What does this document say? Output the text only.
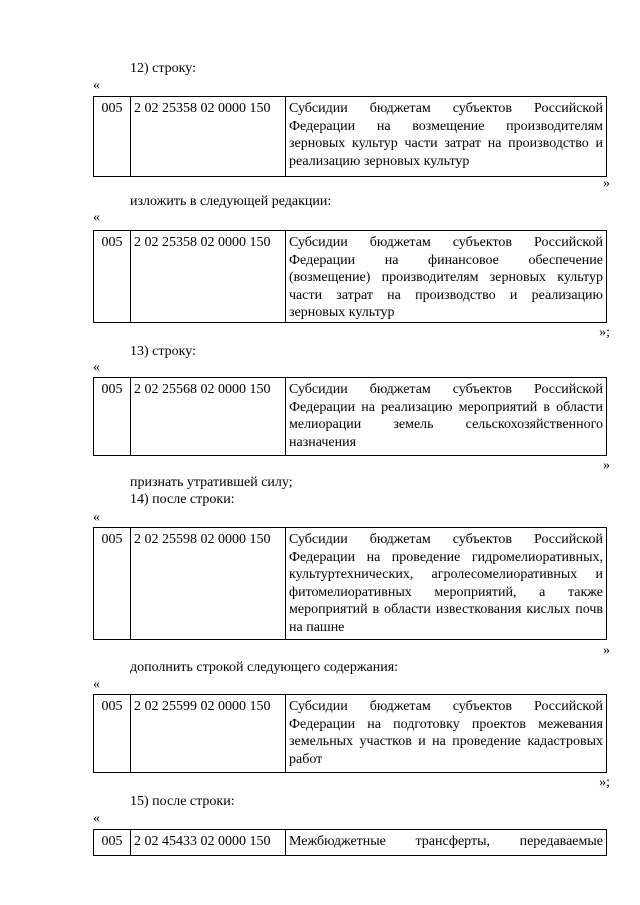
12) строку:
«
005	2 02 25358 02 0000 150	Субсидии бюджетам субъектов Российской Федерации на возмещение производителям зерновых культур части затрат на производство и реализацию зерновых культур
»
изложить в следующей редакции:
«
005	2 02 25358 02 0000 150	Субсидии бюджетам субъектов Российской Федерации на финансовое обеспечение (возмещение) производителям зерновых культур части затрат на производство и реализацию зерновых культур
»;
13) строку:
«
005	2 02 25568 02 0000 150	Субсидии бюджетам субъектов Российской Федерации на реализацию мероприятий в области мелиорации земель сельскохозяйственного назначения
»
признать утратившей силу;
14) после строки:
«
005	2 02 25598 02 0000 150	Субсидии бюджетам субъектов Российской Федерации на проведение гидромелиоративных, культуртехнических, агролесомелиоративных и фитомелиоративных мероприятий, а также мероприятий в области известкования кислых почв на пашне
»
дополнить строкой следующего содержания:
«
005	2 02 25599 02 0000 150	Субсидии бюджетам субъектов Российской Федерации на подготовку проектов межевания земельных участков и на проведение кадастровых работ
»;
15) после строки:
«
005	2 02 45433 02 0000 150	Межбюджетные трансферты, передаваемые
